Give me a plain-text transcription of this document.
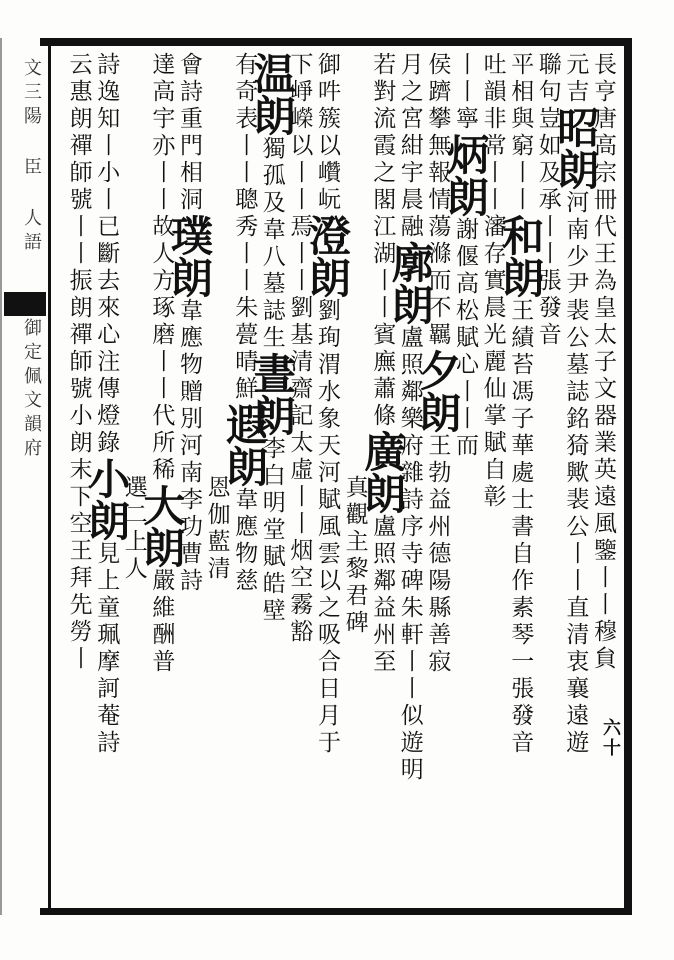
文三陽 臣 人語
御定佩文韻府
六十
長亨唐高宗冊代王為皇太子文器業英遠風鑒丨丨穆貟
元吉昭朗河南少尹裴公墓誌銘猗歟裴公丨丨直清衷襄遠遊
聯句豈如及承丨丨張發音
平相與窮丨丨和朗王績苔馮子華處士書自作素琴一張發音
吐韻非常丨丨瀋存實晨光麗仙掌賦自彰
丨丨寧炳朗謝偃高松賦心丨丨而
侯躋攀無報情蕩滌而不羈夕朗王勃益州德陽縣善寂
月之宮紺宇晨融廓朗盧照鄰樂府雜詩序寺碑朱軒丨丨似遊明
若對流霞之閣江湖丨丨賓廡蕭條廣朗盧照鄰益州至
真觀主黎君碑
御吽簇以巑岏澄朗劉珣渭水象天河賦風雲以之吸合日月于
下崢嶸以丨丨焉丨丨劉基清齋記太虛丨丨烟空霧豁
温朗獨孤及韋八墓誌生晝朗李白明堂賦皓壁
有奇表丨丨聰秀丨丨朱甍晴鮮遐朗韋應物慈
恩伽藍清
會詩重門相洞璞朗韋應物贈別河南李功曹詩
達高宇亦丨丨故人方琢磨丨丨代所稀大朗嚴維酬普
選二上人
詩逸知丨小丨已斷去來心注傳燈錄小朗見上童珮摩訶菴詩
云惠朗禪師號丨丨振朗禪師號小朗末下空王拜先勞丨
